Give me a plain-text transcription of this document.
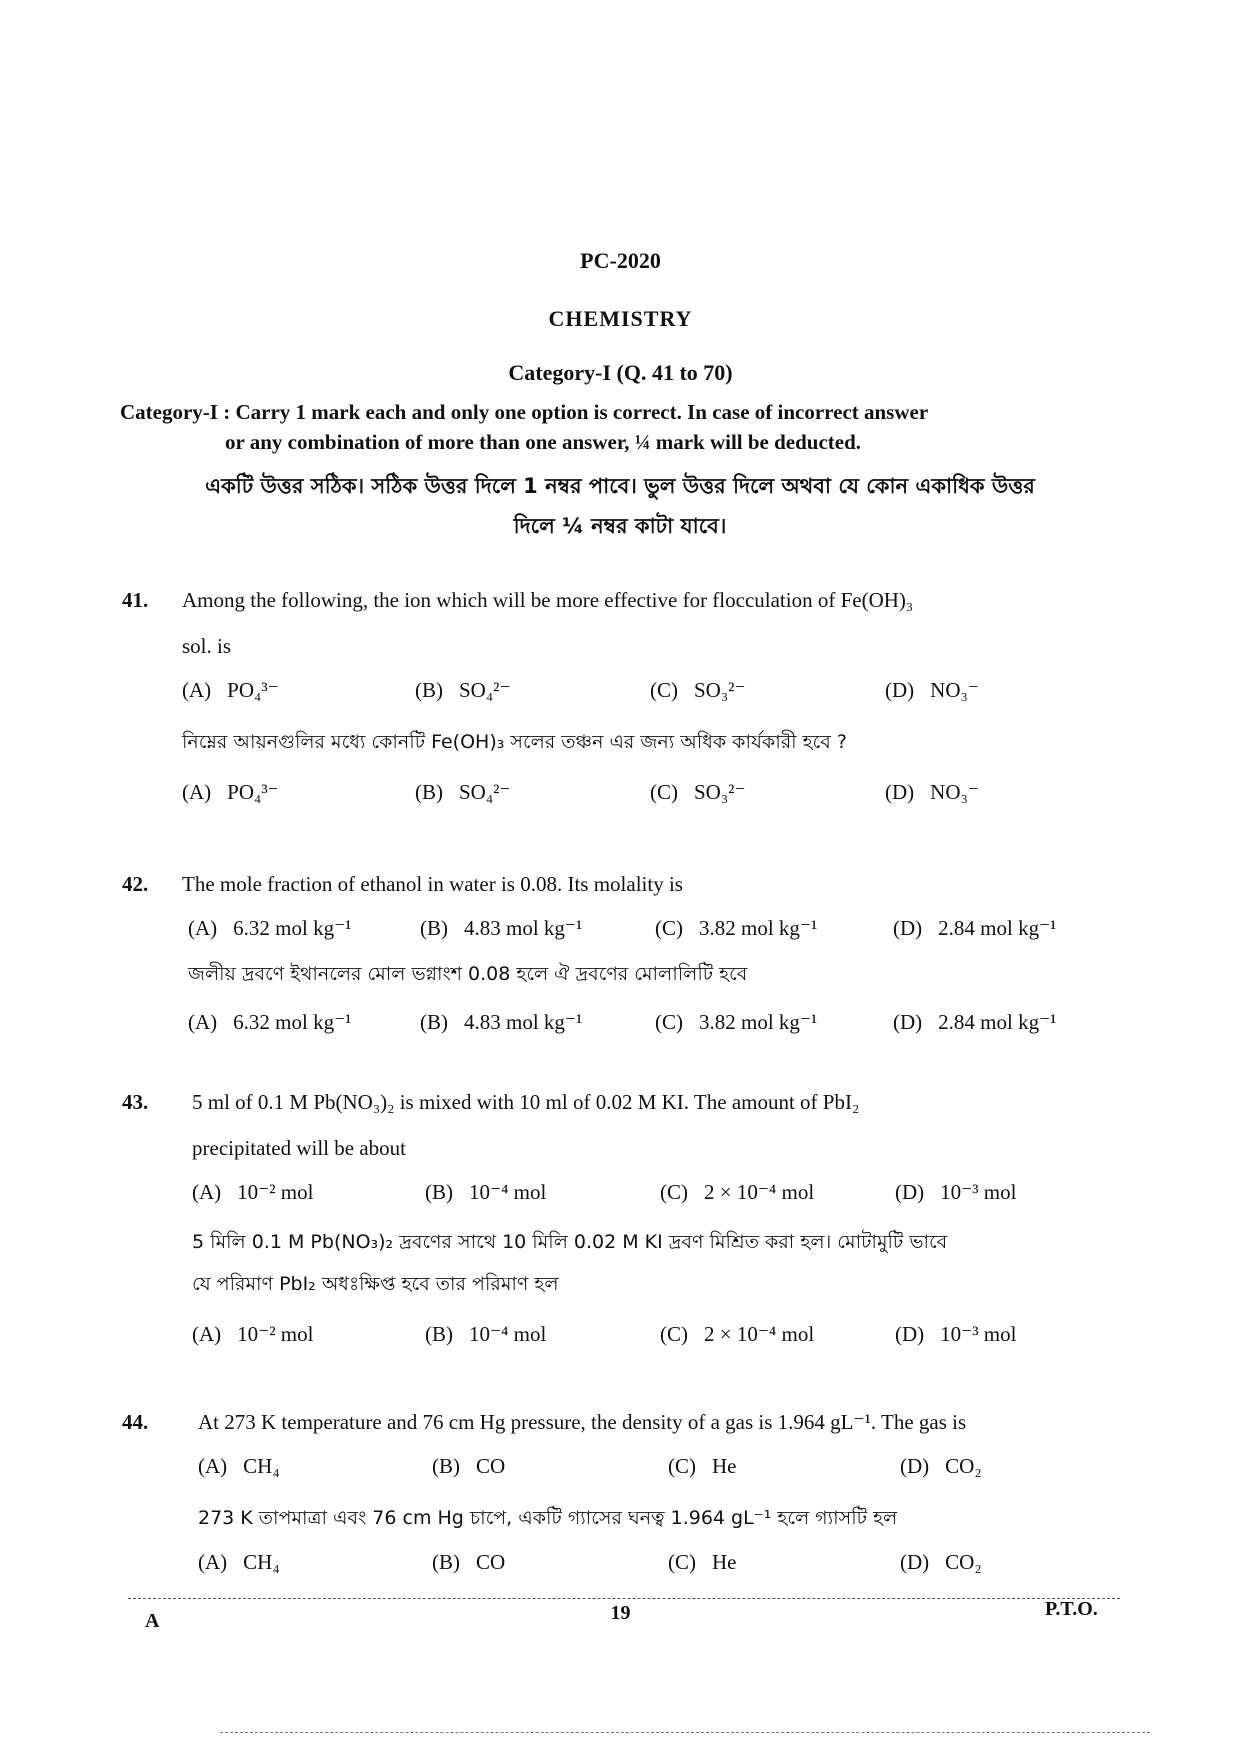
PC-2020
CHEMISTRY
Category-I (Q. 41 to 70)
Category-I : Carry 1 mark each and only one option is correct. In case of incorrect answer
or any combination of more than one answer, ¼ mark will be deducted.
একটি উত্তর সঠিক। সঠিক উত্তর দিলে 1 নম্বর পাবে। ভুল উত্তর দিলে অথবা যে কোন একাধিক উত্তর
দিলে ¼ নম্বর কাটা যাবে।
41. Among the following, the ion which will be more effective for flocculation of Fe(OH)₃
sol. is
(A) PO₄³⁻	(B) SO₄²⁻	(C) SO₃²⁻	(D) NO₃⁻
নিম্নের আয়নগুলির মধ্যে কোনটি Fe(OH)₃ সলের তঞ্চন এর জন্য অধিক কার্যকারী হবে ?
(A) PO₄³⁻	(B) SO₄²⁻	(C) SO₃²⁻	(D) NO₃⁻
42. The mole fraction of ethanol in water is 0.08. Its molality is
(A) 6.32 mol kg⁻¹	(B) 4.83 mol kg⁻¹	(C) 3.82 mol kg⁻¹	(D) 2.84 mol kg⁻¹
জলীয় দ্রবণে ইথানলের মোল ভগ্নাংশ 0.08 হলে ঐ দ্রবণের মোলালিটি হবে
(A) 6.32 mol kg⁻¹	(B) 4.83 mol kg⁻¹	(C) 3.82 mol kg⁻¹	(D) 2.84 mol kg⁻¹
43. 5 ml of 0.1 M Pb(NO₃)₂ is mixed with 10 ml of 0.02 M KI. The amount of PbI₂
precipitated will be about
(A) 10⁻² mol	(B) 10⁻⁴ mol	(C) 2 × 10⁻⁴ mol	(D) 10⁻³ mol
5 মিলি 0.1 M Pb(NO₃)₂ দ্রবণের সাথে 10 মিলি 0.02 M KI দ্রবণ মিশ্রিত করা হল। মোটামুটি ভাবে
যে পরিমাণ PbI₂ অধঃক্ষিপ্ত হবে তার পরিমাণ হল
(A) 10⁻² mol	(B) 10⁻⁴ mol	(C) 2 × 10⁻⁴ mol	(D) 10⁻³ mol
44. At 273 K temperature and 76 cm Hg pressure, the density of a gas is 1.964 gL⁻¹. The gas is
(A) CH₄	(B) CO	(C) He	(D) CO₂
273 K তাপমাত্রা এবং 76 cm Hg চাপে, একটি গ্যাসের ঘনত্ব 1.964 gL⁻¹ হলে গ্যাসটি হল
(A) CH₄	(B) CO	(C) He	(D) CO₂
A	19	P.T.O.
